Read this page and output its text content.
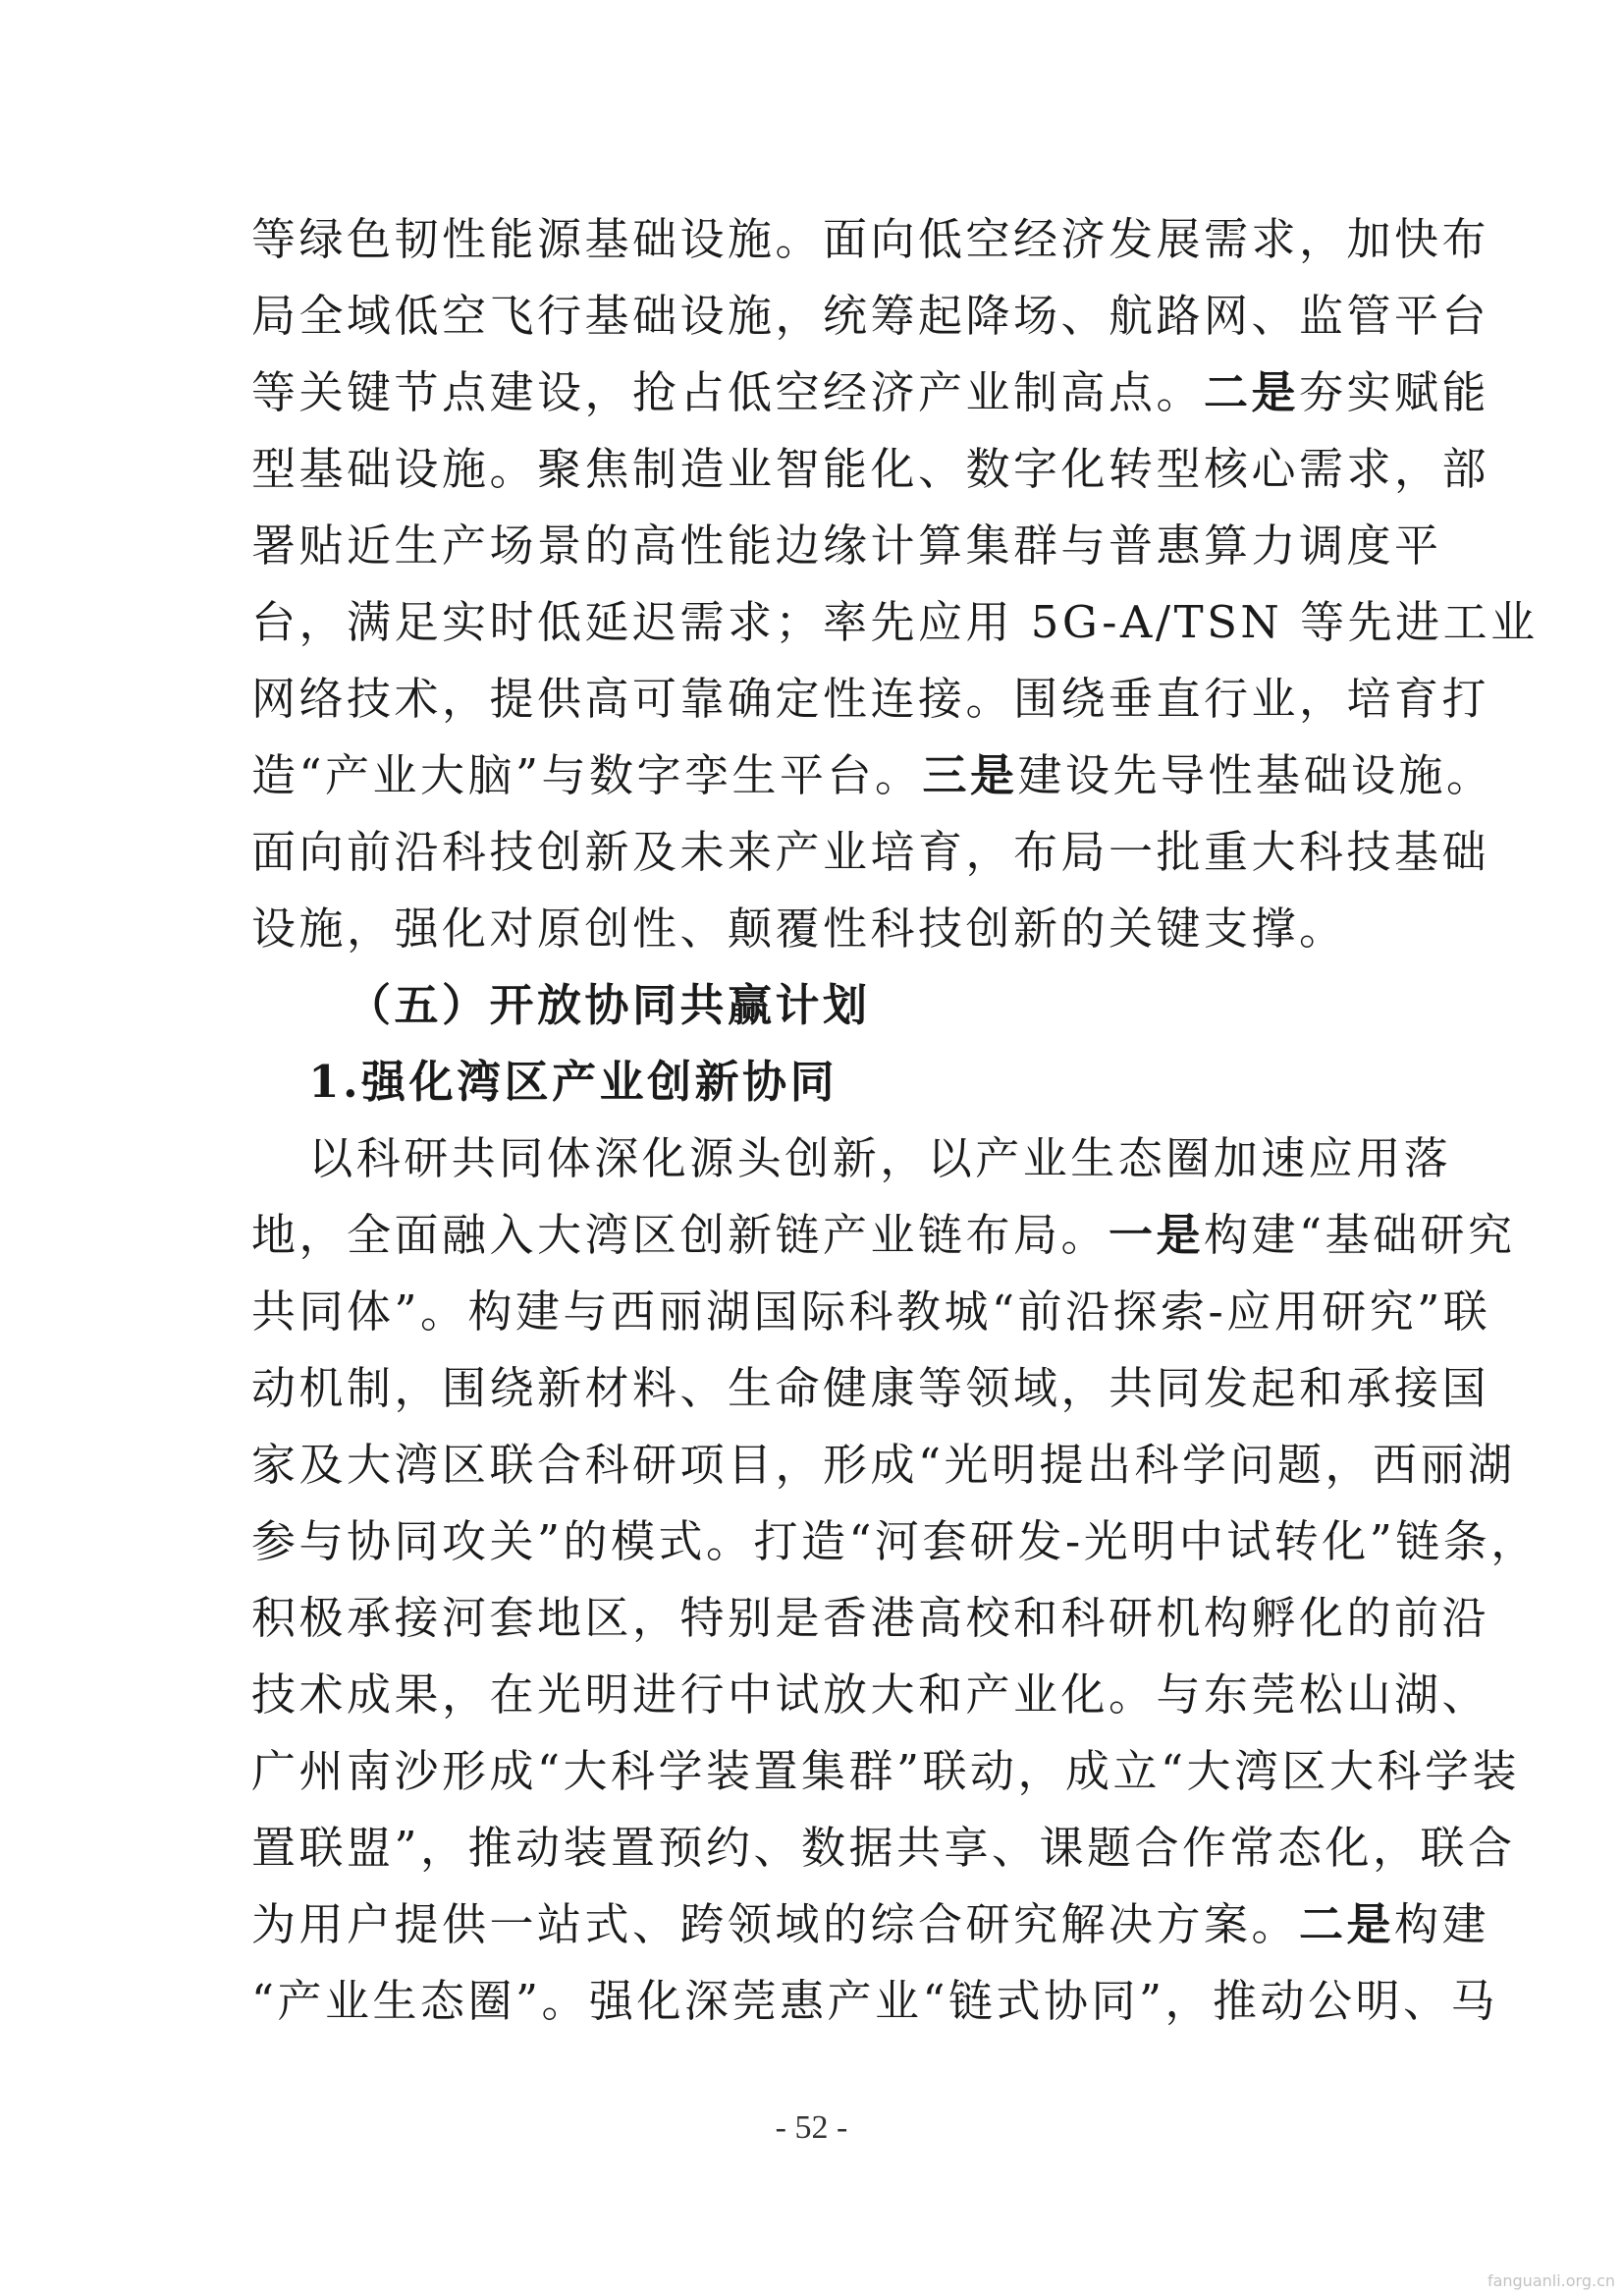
等绿色韧性能源基础设施。面向低空经济发展需求，加快布
局全域低空飞行基础设施，统筹起降场、航路网、监管平台
等关键节点建设，抢占低空经济产业制高点。二是夯实赋能
型基础设施。聚焦制造业智能化、数字化转型核心需求，部
署贴近生产场景的高性能边缘计算集群与普惠算力调度平
台，满足实时低延迟需求；率先应用 5G-A/TSN 等先进工业
网络技术，提供高可靠确定性连接。围绕垂直行业，培育打
造“产业大脑”与数字孪生平台。三是建设先导性基础设施。
面向前沿科技创新及未来产业培育，布局一批重大科技基础
设施，强化对原创性、颠覆性科技创新的关键支撑。
（五）开放协同共赢计划
1.强化湾区产业创新协同
以科研共同体深化源头创新，以产业生态圈加速应用落
地，全面融入大湾区创新链产业链布局。一是构建“基础研究
共同体”。构建与西丽湖国际科教城“前沿探索-应用研究”联
动机制，围绕新材料、生命健康等领域，共同发起和承接国
家及大湾区联合科研项目，形成“光明提出科学问题，西丽湖
参与协同攻关”的模式。打造“河套研发-光明中试转化”链条，
积极承接河套地区，特别是香港高校和科研机构孵化的前沿
技术成果，在光明进行中试放大和产业化。与东莞松山湖、
广州南沙形成“大科学装置集群”联动，成立“大湾区大科学装
置联盟”，推动装置预约、数据共享、课题合作常态化，联合
为用户提供一站式、跨领域的综合研究解决方案。二是构建
“产业生态圈”。强化深莞惠产业“链式协同”，推动公明、马
- 52 -
fanguanli.org.cn
